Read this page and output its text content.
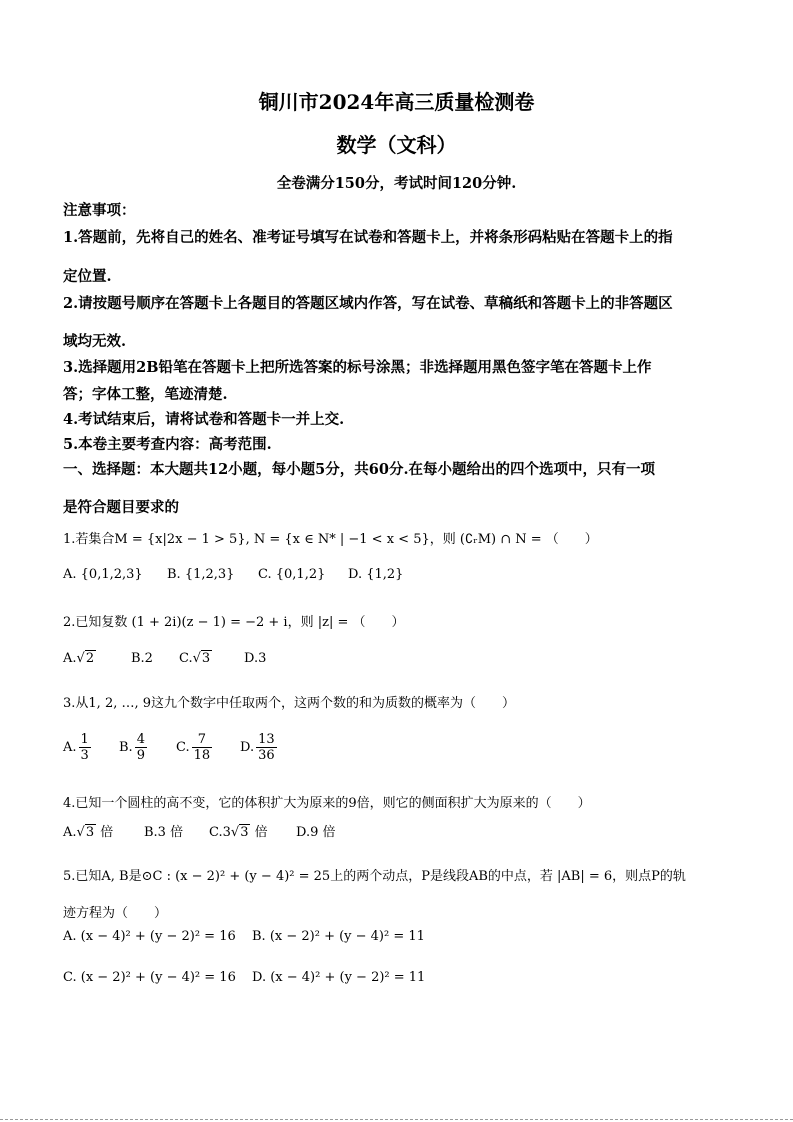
铜川市2024年高三质量检测卷
数学（文科）
全卷满分150分，考试时间120分钟.
注意事项：
1.答题前，先将自己的姓名、准考证号填写在试卷和答题卡上，并将条形码粘贴在答题卡上的指
定位置.
2.请按题号顺序在答题卡上各题目的答题区域内作答，写在试卷、草稿纸和答题卡上的非答题区
域均无效.
3.选择题用2B铅笔在答题卡上把所选答案的标号涂黑；非选择题用黑色签字笔在答题卡上作
答；字体工整，笔迹清楚.
4.考试结束后，请将试卷和答题卡一并上交.
5.本卷主要考查内容：高考范围.
一、选择题：本大题共12小题，每小题5分，共60分.在每小题给出的四个选项中，只有一项
是符合题目要求的
1.若集合M = {x|2x − 1 > 5}, N = {x ∈ N* | −1 < x < 5}，则 (∁ᵣM) ∩ N = （　　）
A. {0,1,2,3} B. {1,2,3} C. {0,1,2} D. {1,2}
2.已知复数 (1 + 2i)(z − 1) = −2 + i，则 |z| = （　　）
A.√2	B.2 C.√3	D.3
3.从1, 2, …, 9这九个数字中任取两个，这两个数的和为质数的概率为（　　）
A. $\frac{1}{3} B$. $\frac{4}{9} C$. $\frac{7}{18} D$. $\frac{13}{36}$
4.已知一个圆柱的高不变，它的体积扩大为原来的9倍，则它的侧面积扩大为原来的（　　）
A.√3 倍 B.3 倍 C.3√3 倍 D.9 倍
5.已知A, B是⊙C : (x − 2)² + (y − 4)² = 25上的两个动点，P是线段AB的中点，若 |AB| = 6，则点P的轨
迹方程为（　　）
A. (x − 4)² + (y − 2)² = 16 B. (x − 2)² + (y − 4)² = 11
C. (x − 2)² + (y − 4)² = 16 D. (x − 4)² + (y − 2)² = 11
